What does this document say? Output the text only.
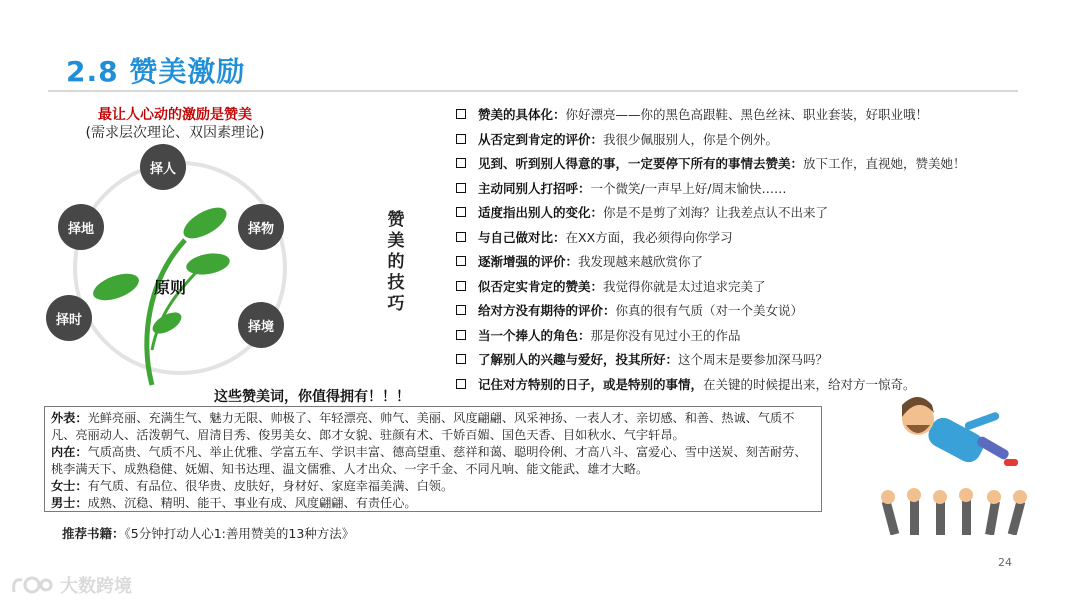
2.8 赞美激励
最让人心动的激励是赞美
(需求层次理论、双因素理论)
择人
择物
择境
择时
择地
原则
赞
美
的
技
巧
赞美的具体化： 你好漂亮——你的黑色高跟鞋、黑色丝袜、职业套装，好职业哦！
从否定到肯定的评价： 我很少佩服别人，你是个例外。
见到、听到别人得意的事，一定要停下所有的事情去赞美： 放下工作，直视她，赞美她！
主动同别人打招呼： 一个微笑/一声早上好/周末愉快……
适度指出别人的变化： 你是不是剪了刘海？让我差点认不出来了
与自己做对比： 在XX方面，我必须得向你学习
逐渐增强的评价： 我发现越来越欣赏你了
似否定实肯定的赞美： 我觉得你就是太过追求完美了
给对方没有期待的评价： 你真的很有气质（对一个美女说）
当一个捧人的角色： 那是你没有见过小王的作品
了解别人的兴趣与爱好，投其所好： 这个周末是要参加深马吗？
记住对方特别的日子，或是特别的事情， 在关键的时候提出来，给对方一惊奇。
这些赞美词，你值得拥有！！！
外表：光鲜亮丽、充满生气、魅力无限、帅极了、年轻漂亮、帅气、美丽、风度翩翩、风采神扬、一表人才、亲切感、和善、热诚、气质不凡、亮丽动人、活泼朝气、眉清目秀、俊男美女、郎才女貌、驻颜有术、千娇百媚、国色天香、目如秋水、气宇轩昂。
内在：气质高贵、气质不凡、举止优雅、学富五车、学识丰富、德高望重、慈祥和蔼、聪明伶俐、才高八斗、富爱心、雪中送炭、刻苦耐劳、桃李满天下、成熟稳健、妩媚、知书达理、温文儒雅、人才出众、一字千金、不同凡响、能文能武、雄才大略。
女士：有气质、有品位、很华贵、皮肤好，身材好、家庭幸福美满、白领。
男士：成熟、沉稳、精明、能干、事业有成、风度翩翩、有责任心。
推荐书籍：《5分钟打动人心1:善用赞美的13种方法》
24
大数跨境
